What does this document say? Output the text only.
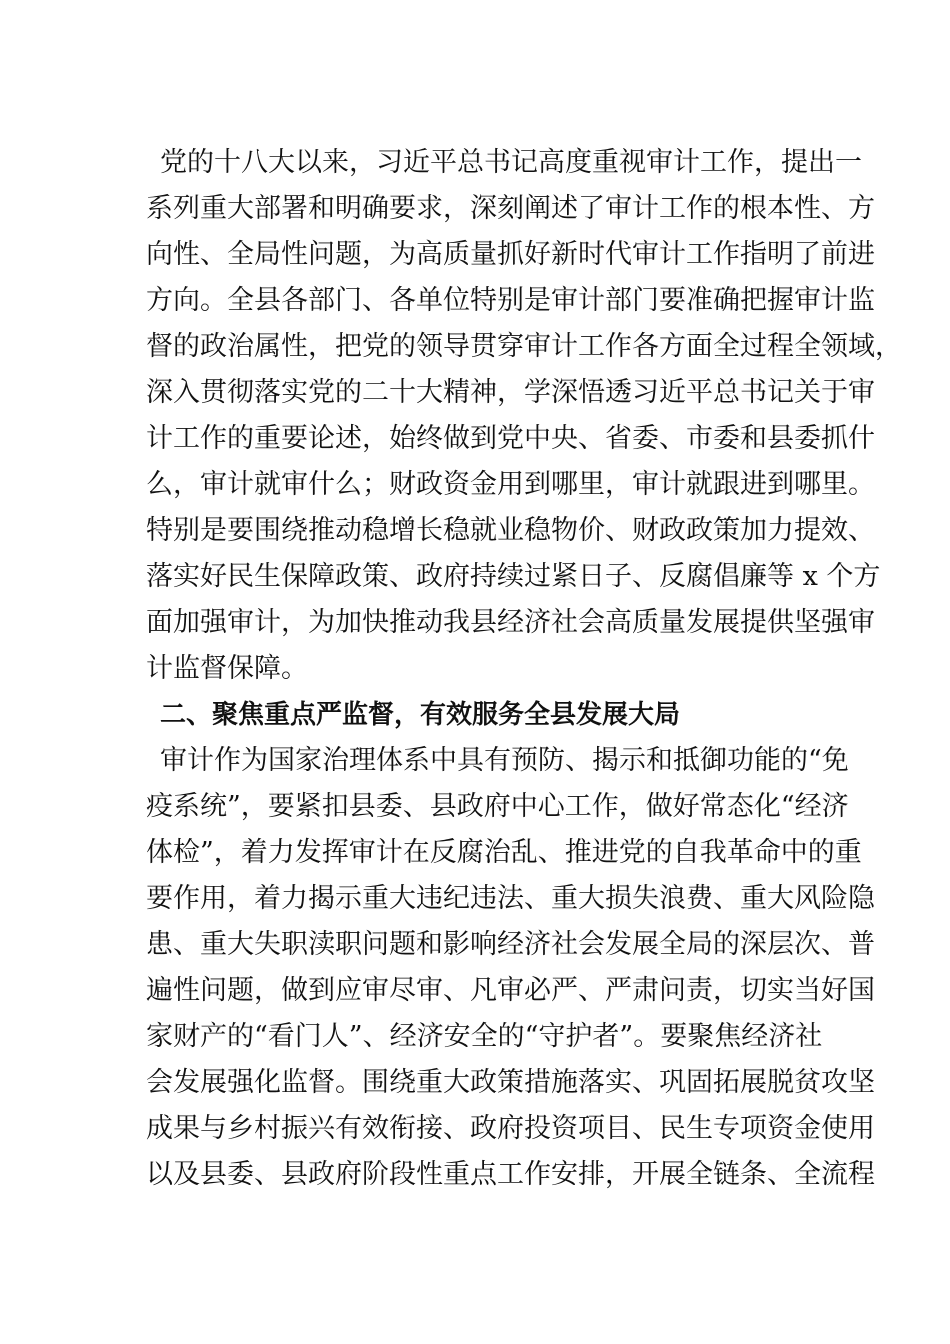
党的十八大以来，习近平总书记高度重视审计工作，提出一
系列重大部署和明确要求，深刻阐述了审计工作的根本性、方
向性、全局性问题，为高质量抓好新时代审计工作指明了前进
方向。全县各部门、各单位特别是审计部门要准确把握审计监
督的政治属性，把党的领导贯穿审计工作各方面全过程全领域，
深入贯彻落实党的二十大精神，学深悟透习近平总书记关于审
计工作的重要论述，始终做到党中央、省委、市委和县委抓什
么，审计就审什么；财政资金用到哪里，审计就跟进到哪里。
特别是要围绕推动稳增长稳就业稳物价、财政政策加力提效、
落实好民生保障政策、政府持续过紧日子、反腐倡廉等 x 个方
面加强审计，为加快推动我县经济社会高质量发展提供坚强审
计监督保障。
二、聚焦重点严监督，有效服务全县发展大局
审计作为国家治理体系中具有预防、揭示和抵御功能的“免
疫系统”，要紧扣县委、县政府中心工作，做好常态化“经济
体检”，着力发挥审计在反腐治乱、推进党的自我革命中的重
要作用，着力揭示重大违纪违法、重大损失浪费、重大风险隐
患、重大失职渎职问题和影响经济社会发展全局的深层次、普
遍性问题，做到应审尽审、凡审必严、严肃问责，切实当好国
家财产的“看门人”、经济安全的“守护者”。要聚焦经济社
会发展强化监督。围绕重大政策措施落实、巩固拓展脱贫攻坚
成果与乡村振兴有效衔接、政府投资项目、民生专项资金使用
以及县委、县政府阶段性重点工作安排，开展全链条、全流程
